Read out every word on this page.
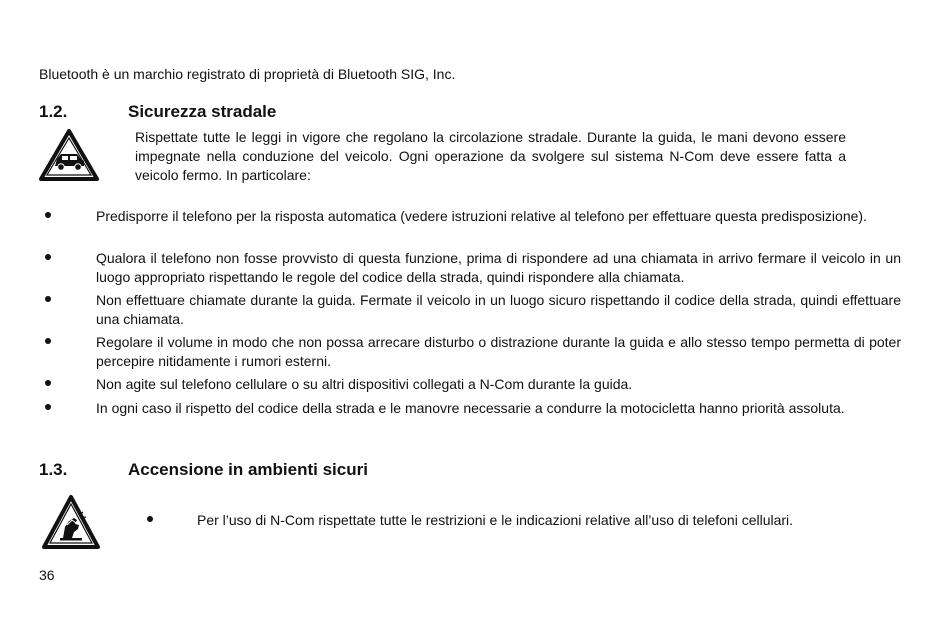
Bluetooth è un marchio registrato di proprietà di Bluetooth SIG, Inc.
1.2.	Sicurezza stradale
Rispettate tutte le leggi in vigore che regolano la circolazione stradale. Durante la guida, le mani devono essere impegnate nella conduzione del veicolo. Ogni operazione da svolgere sul sistema N-Com deve essere fatta a veicolo fermo. In particolare:
Predisporre il telefono per la risposta automatica (vedere istruzioni relative al telefono per effettuare questa predisposizione).
Qualora il telefono non fosse provvisto di questa funzione, prima di rispondere ad una chiamata in arrivo fermare il veicolo in un luogo appropriato rispettando le regole del codice della strada, quindi rispondere alla chiamata.
Non effettuare chiamate durante la guida. Fermate il veicolo in un luogo sicuro rispettando il codice della strada, quindi effettuare una chiamata.
Regolare il volume in modo che non possa arrecare disturbo o distrazione durante la guida e allo stesso tempo permetta di poter percepire nitidamente i rumori esterni.
Non agite sul telefono cellulare o su altri dispositivi collegati a N-Com durante la guida.
In ogni caso il rispetto del codice della strada e le manovre necessarie a condurre la motocicletta hanno priorità assoluta.
1.3.	Accensione in ambienti sicuri
Per l’uso di N-Com rispettate tutte le restrizioni e le indicazioni relative all’uso di telefoni cellulari.
36
